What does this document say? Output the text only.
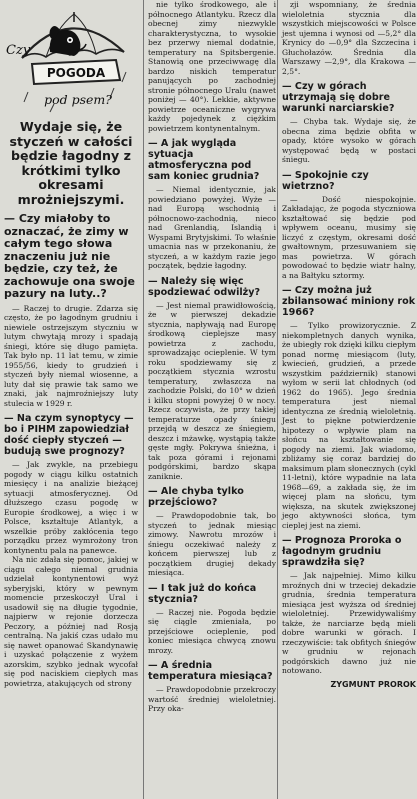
Czy
POGODA
pod psem?
Wydaje się, że styczeń w całości będzie łagodny z krótkimi tylko okresami mrożniejszymi.
— Czy miałoby to oznaczać, że zimy w całym tego słowa znaczeniu już nie będzie, czy też, że zachowuje ona swoje pazury na luty..?

— Raczej to drugie. Zdarza się często, że po łagodnym grudniu i niewiele ostrzejszym styczniu w lutym chwytają mrozy i spadają śniegi, które się długo pamięta. Tak było np. 11 lat temu, w zimie 1955/56, kiedy to grudzień i styczeń były niemal wiosenne, a luty dał się prawie tak samo we znaki, jak najmroźniejszy luty stulecia w 1929 r.

— Na czym synoptycy — bo i PIHM zapowiedział dość ciepły styczeń — budują swe prognozy?

— Jak zwykle, na przebiegu pogody w ciągu kilku ostatnich miesięcy i na analizie bieżącej sytuacji atmosferycznej. Od dłuższego czasu pogodę w Europie środkowej, a więc i w Polsce, kształtuje Atlantyk, a wszelkie próby zakłócenia tego porządku przez wymrożony tron kontynentu pala na panewce.

Na nic zdała się pomoc, jakiej w ciągu całego niemal grudnia udzielał kontynentowi wyż syberyjski, który w pewnym momencie przeskoczył Ural i usadowił się na długie tygodnie, najpierw w rejonie dorzecza Peczory, a później nad Rosją centralną. Na jakiś czas udało mu się nawet opanować Skandynawię i uzyskać połączenie z wyżem azorskim, szybko jednak wycofał się pod naciskiem ciepłych mas powietrza, atakujących od strony

nie tylko środkowego, ale i północnego Atlantyku. Rzecz dla obecnej zimy niezwykle charakterystyczna, to wysokie bez przerwy niemal dodatnie, temperatury na Spitsbergenie. Stanowią one przeciwwagę dla bardzo niskich temperatur panujących po zachodniej stronie północnego Uralu (nawet poniżej — 40°). Lekkie, aktywne powietrze oceaniczne wygrywa każdy pojedynek z ciężkim powietrzem kontynentalnym.

— A jak wygląda sytuacja atmosferyczna pod sam koniec grudnia?

— Niemal identycznie, jak powiedziano powyżej. Wyże — nad Europą wschodnią i północnowo-zachodnią, nieco nad Grenlandią, Islandią i Wyspami Brytyjskimi. To właśnie umacnia nas w przekonaniu, że styczeń, a w każdym razie jego początek, będzie łagodny.

— Należy się więc spodziewać odwilży?

— Jest niemal prawidłowością, że w pierwszej dekadzie stycznia, napływają nad Europę środkową cieplejsze masy powietrza z zachodu, sprowadzając ocieplenie. W tym roku spodziewamy się z początkiem stycznia wzrostu temperatury, zwłaszcza na zachodzie Polski, do 10° w dzień i kilku stopni powyżej 0 w nocy. Rzecz oczywista, że przy takiej temperaturze opady śniegu przejdą w deszcz ze śniegiem, deszcz i mżawkę, wystąpią także gęste mgły. Pokrywa śnieżna, i tak poza górami i rejonami podgórskimi, bardzo skąpa zaniknie.

— Ale chyba tylko przejściowo?

— Prawdopodobnie tak, bo styczeń to jednak miesiąc zimowy. Nawrotu mrozów i śniegu oczekiwać należy z końcem pierwszej lub z początkiem drugiej dekady miesiąca.

— I tak już do końca stycznia?

— Raczej nie. Pogoda będzie się ciągle zmieniała, po przejściowe ocieplenie, pod koniec miesiąca chwycą znowu mrozy.

— A średnia temperatura miesiąca?

— Prawdopodobnie przekroczy wartość średniej wieloletniej. Przy oka-

zji wspomniany, że średnia wieloletnia stycznia dla wszystkich miejscowości w Polsce jest ujemna i wynosi od —5,2° dla Krynicy do —0,9° dla Szczecina i Głuchołazów. Średnia dla Warszawy —2,9°, dla Krakowa —2,5°.

— Czy w górach utrzymają się dobre warunki narciarskie?

— Chyba tak. Wydaje się, że obecna zima będzie obfita w opady, które wysoko w górach występować będą w postaci śniegu.

— Spokojnie czy wietrzno?

— Dość niespokojnie. Zakładając, że pogoda styczniowa kształtować się będzie pod wpływem oceanu, musimy się liczyć z częstym, okresami dość gwałtownym, przesuwaniem się mas powietrza. W górach powodować to będzie wiatr halny, a na Bałtyku sztormy.

— Czy można już zbilansować miniony rok 1966?

— Tylko prowizorycznie. Z niekompletnych danych wynika, że ubiegły rok dzięki kilku ciepłym ponad normę miesiącom (luty, kwiecień, grudzień, a przede wszystkim październik) stanowi wyłom w serii lat chłodnych (od 1962 do 1965). Jego średnia temperatura jest niemal identyczna ze średnią wieloletnią. Jest to piękne potwierdzenie hipotezy o wpływie plam na słońcu na kształtowanie się pogody na ziemi. Jak wiadomo, zbliżamy się coraz bardziej do maksimum plam słonecznych (cykl 11-letni), które wypadnie na lata 1968—69, a zakłada się, że im więcej plam na słońcu, tym większa, na skutek zwiększonej jego aktywności słońca, tym cieplej jest na ziemi.

— Prognoza Proroka o łagodnym grudniu sprawdziła się?

— Jak najpełniej. Mimo kilku mroźnych dni w trzeciej dekadzie grudnia, średnia temperatura miesiąca jest wyższa od średniej wieloletniej. Przewidywaliśmy także, że narciarze będą mieli dobre warunki w górach. I rzeczywiście: tak obfitych śniegów w grudniu w rejonach podgórskich dawno już nie notowano.

ZYGMUNT PROROK
